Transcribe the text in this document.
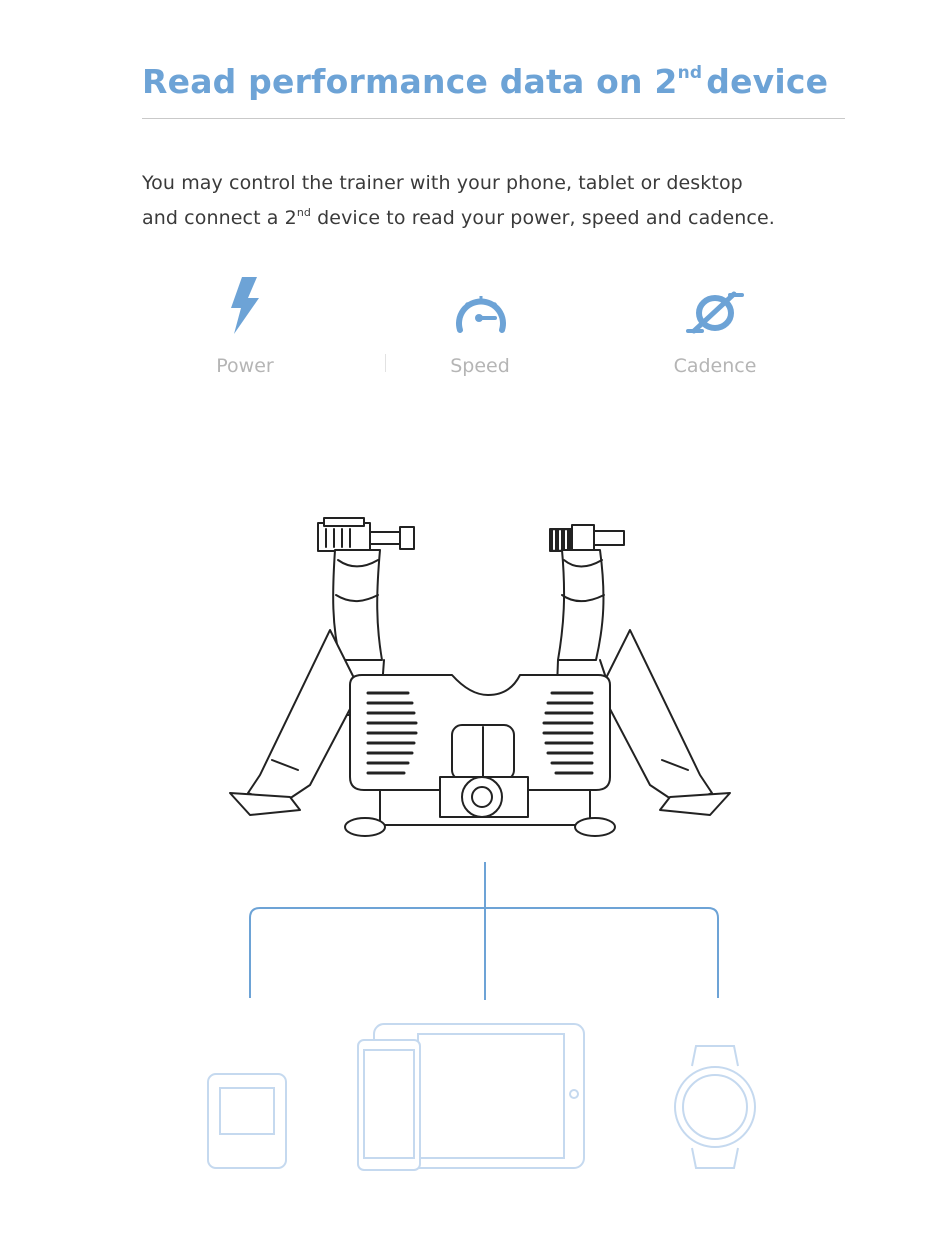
Read performance data on 2nd device

You may control the trainer with your phone, tablet or desktop
and connect a 2nd device to read your power, speed and cadence.

Power	Speed	Cadence
